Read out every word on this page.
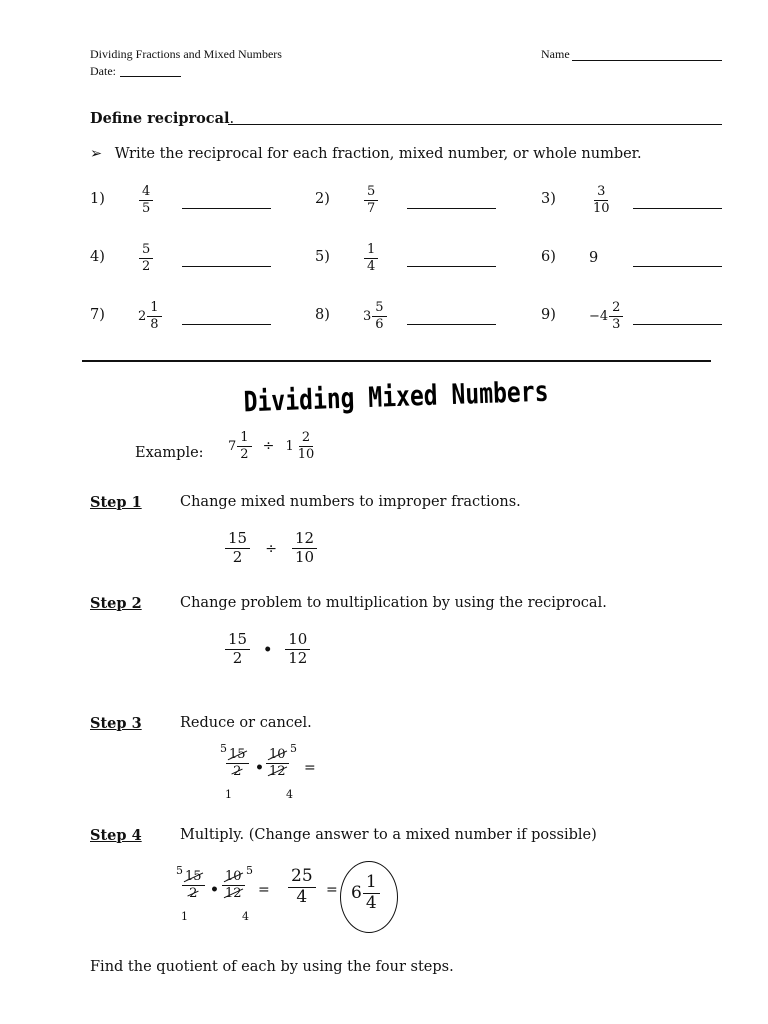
Dividing Fractions and Mixed Numbers
Date:
Name
Define reciprocal.
➢ Write the reciprocal for each fraction, mixed number, or whole number.
1)	$\frac{4}{5}$	2)	$\frac{5}{7}$	3)	$\frac{3}{10}$
4)	$\frac{5}{2}$	5)	$\frac{1}{4}$	6) 9
7)	$2 \frac{1}{8}$	8)	$3 \frac{5}{6}$	9)	$-4 \frac{2}{3}$
Dividing Mixed Numbers
Example: $7 \frac{1}{2} \div 1 \frac{2}{10}$
Step 1	Change mixed numbers to improper fractions.
$\frac{15}{2} \div \frac{12}{10}$
Step 2	Change problem to multiplication by using the reciprocal.
$\frac{15}{2}$ • $\frac{10}{12}$
Step 3	Reduce or cancel.
$5 \frac{15}{2}$
1
• $\frac{10}{12} 5$
4
=
Step 4	Multiply. (Change answer to a mixed number if possible)
$5 \frac{15}{2}$
1
• $\frac{10}{12} 5$
4
= $\frac{25}{4} = 6 \frac{1}{4}$
Find the quotient of each by using the four steps.
